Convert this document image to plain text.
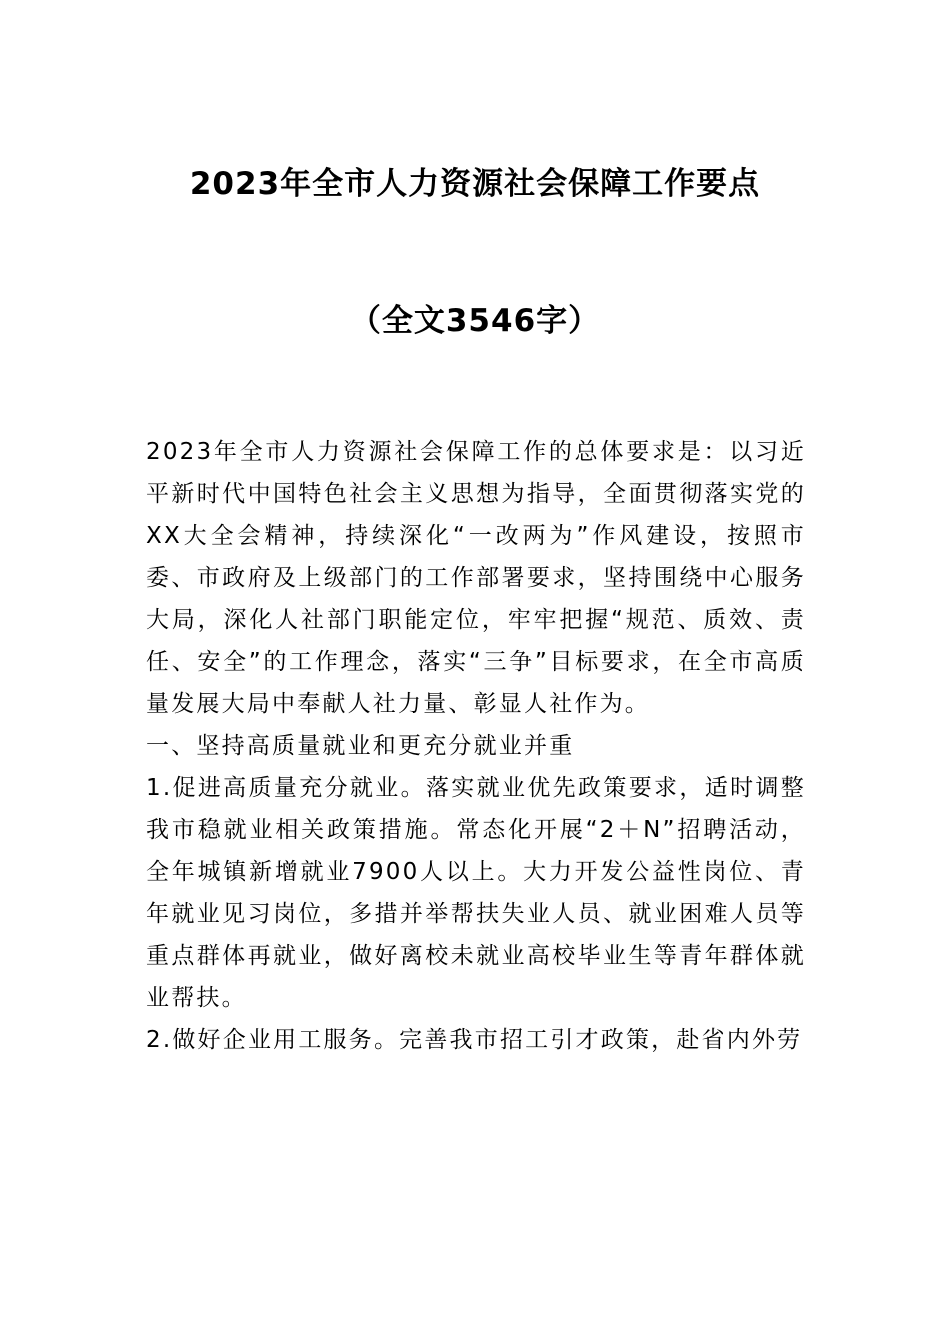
2023年全市人力资源社会保障工作要点
（全文3546字）

2023年全市人力资源社会保障工作的总体要求是：以习近平新时代中国特色社会主义思想为指导，全面贯彻落实党的XX大全会精神，持续深化“一改两为”作风建设，按照市委、市政府及上级部门的工作部署要求，坚持围绕中心服务大局，深化人社部门职能定位，牢牢把握“规范、质效、责任、安全”的工作理念，落实“三争”目标要求，在全市高质量发展大局中奉献人社力量、彰显人社作为。

一、坚持高质量就业和更充分就业并重

1.促进高质量充分就业。落实就业优先政策要求，适时调整我市稳就业相关政策措施。常态化开展“2＋N”招聘活动，全年城镇新增就业7900人以上。大力开发公益性岗位、青年就业见习岗位，多措并举帮扶失业人员、就业困难人员等重点群体再就业，做好离校未就业高校毕业生等青年群体就业帮扶。

2.做好企业用工服务。完善我市招工引才政策，赴省内外劳
